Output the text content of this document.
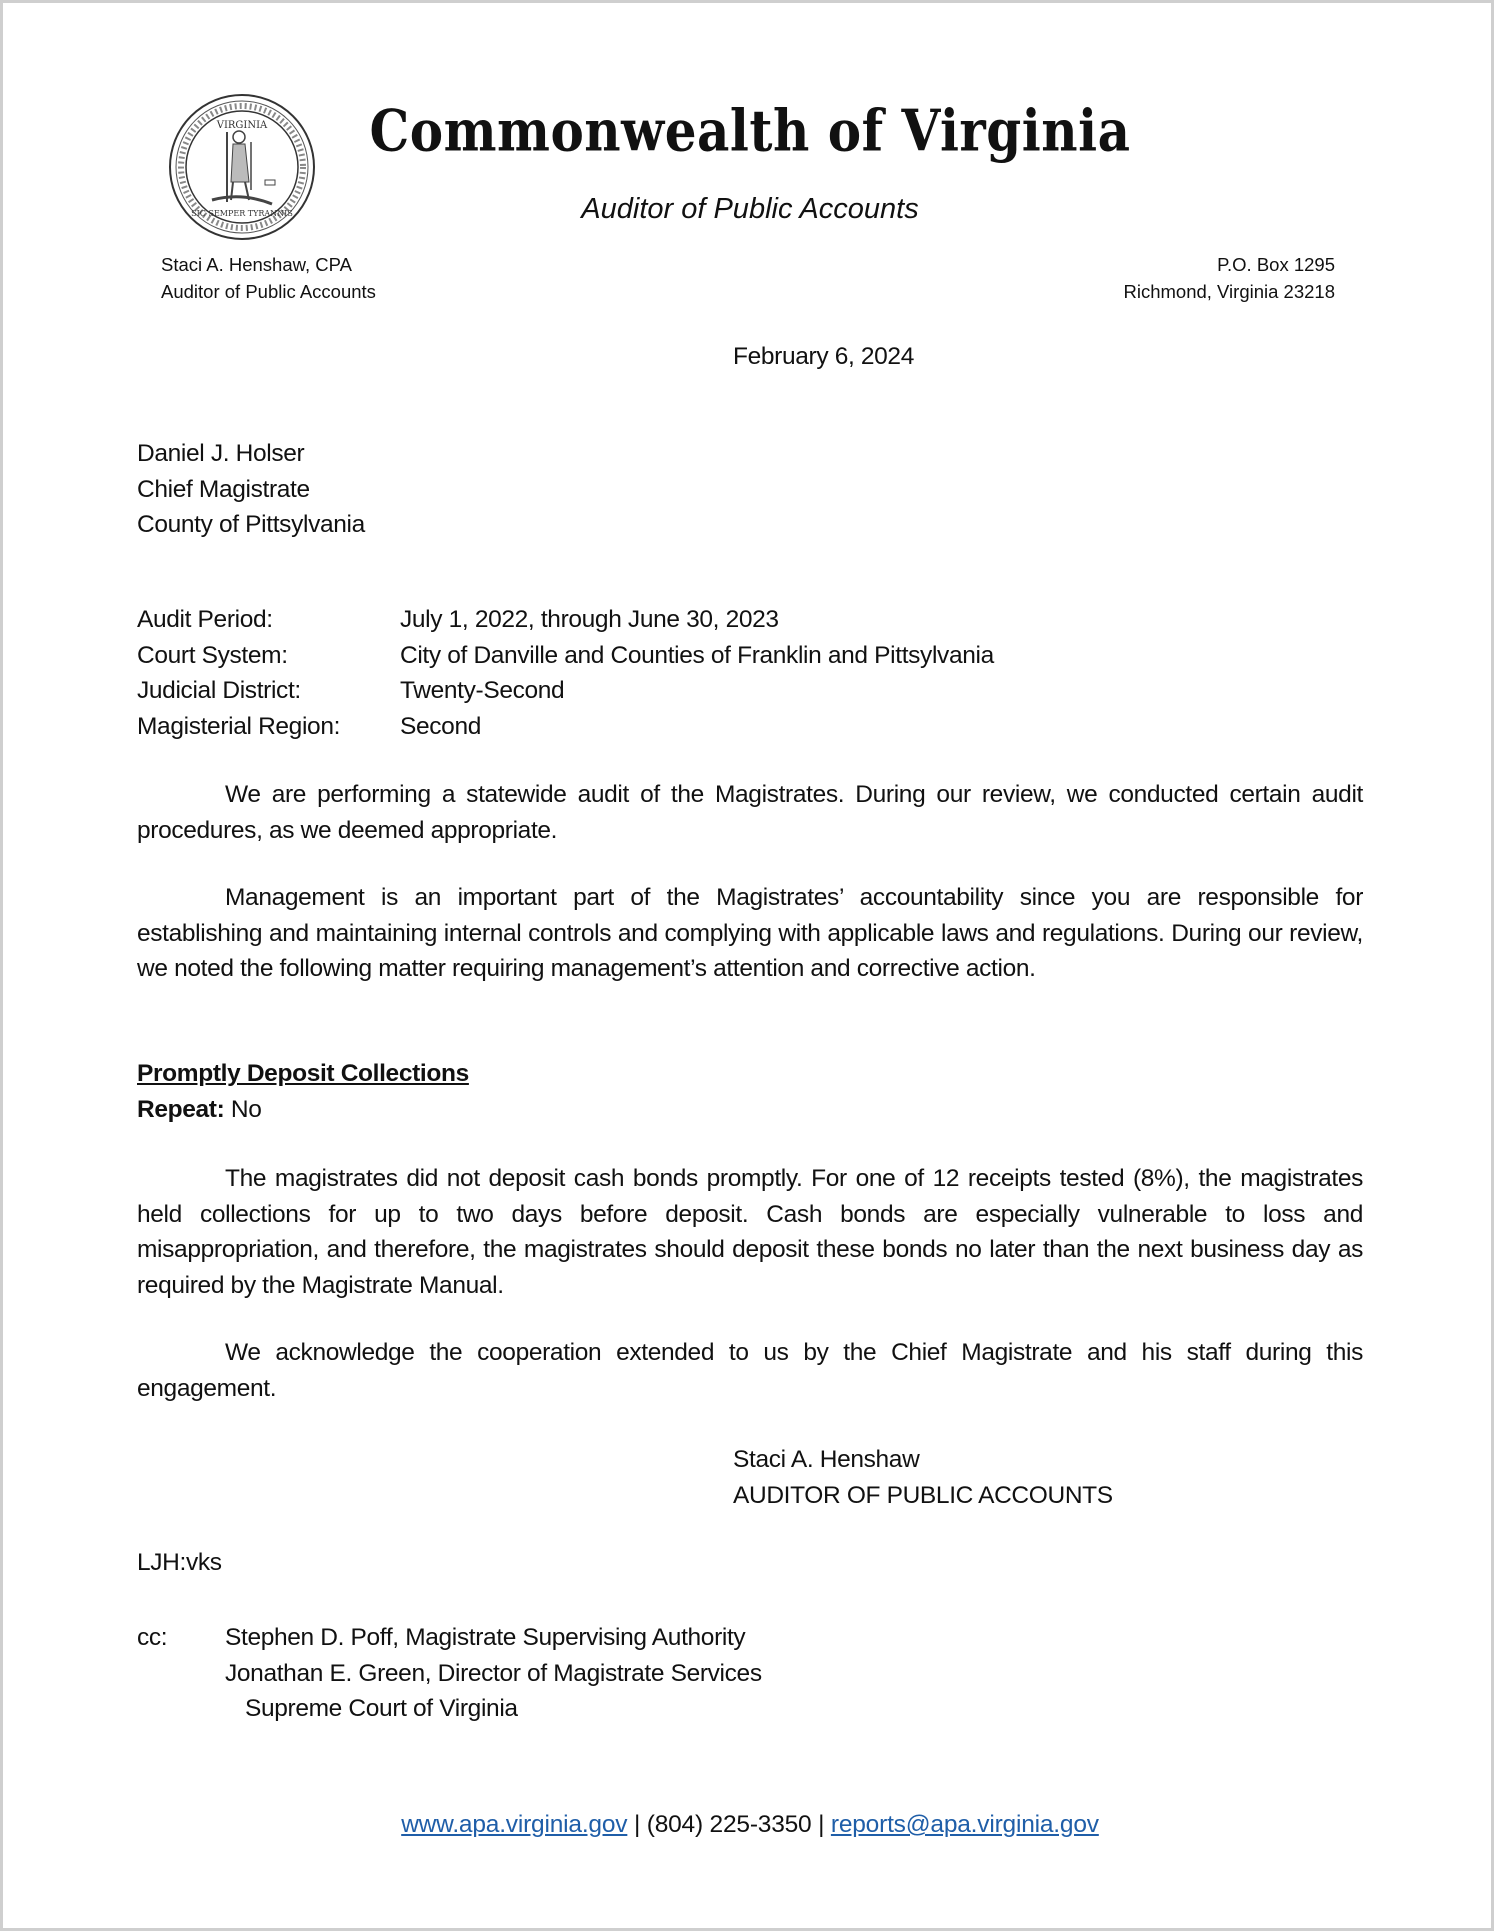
VIRGINIA
SIC SEMPER TYRANNIS
Commonwealth of Virginia
Auditor of Public Accounts
Staci A. Henshaw, CPA
Auditor of Public Accounts
P.O. Box 1295
Richmond, Virginia 23218
February 6, 2024
Daniel J. Holser
Chief Magistrate
County of Pittsylvania
Audit Period:	July 1, 2022, through June 30, 2023
Court System:	City of Danville and Counties of Franklin and Pittsylvania
Judicial District:	Twenty-Second
Magisterial Region:	Second

We are performing a statewide audit of the Magistrates. During our review, we conducted certain audit procedures, as we deemed appropriate.

Management is an important part of the Magistrates’ accountability since you are responsible for establishing and maintaining internal controls and complying with applicable laws and regulations. During our review, we noted the following matter requiring management’s attention and corrective action.

Promptly Deposit Collections
Repeat: No

The magistrates did not deposit cash bonds promptly. For one of 12 receipts tested (8%), the magistrates held collections for up to two days before deposit. Cash bonds are especially vulnerable to loss and misappropriation, and therefore, the magistrates should deposit these bonds no later than the next business day as required by the Magistrate Manual.

We acknowledge the cooperation extended to us by the Chief Magistrate and his staff during this engagement.

Staci A. Henshaw
AUDITOR OF PUBLIC ACCOUNTS
LJH:vks
cc:	Stephen D. Poff, Magistrate Supervising Authority
Jonathan E. Green, Director of Magistrate Services
Supreme Court of Virginia
www.apa.virginia.gov | (804) 225-3350 | reports@apa.virginia.gov
